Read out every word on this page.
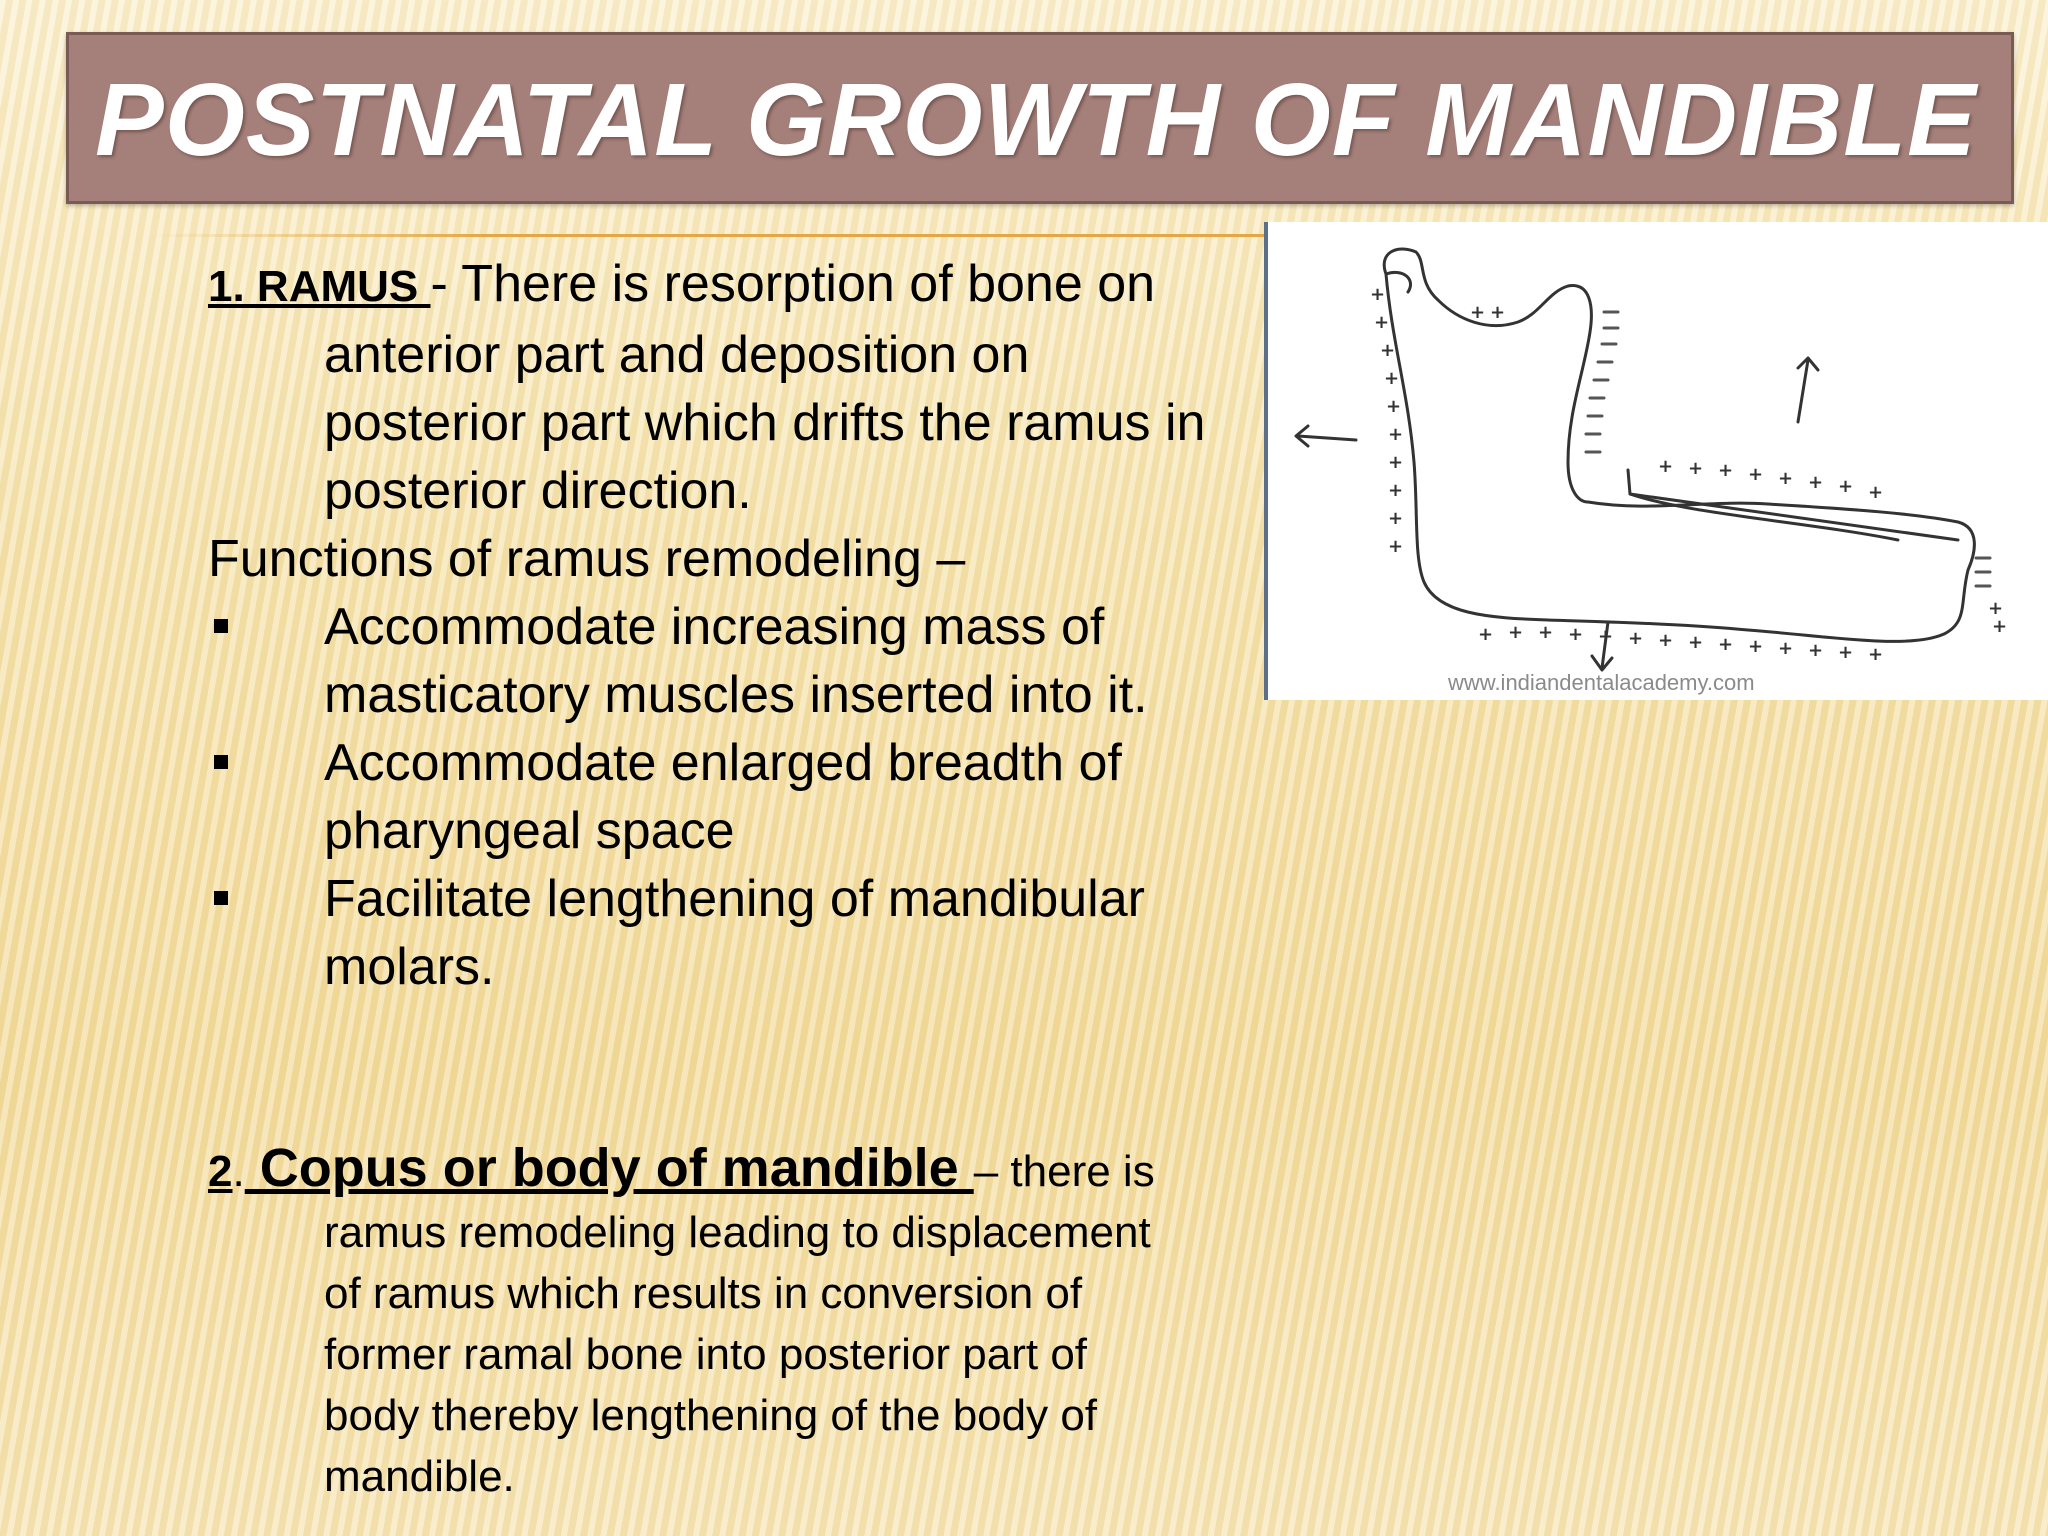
POSTNATAL GROWTH OF MANDIBLE
1. RAMUS - There is resorption of bone on
anterior part and deposition on
posterior part which drifts the ramus in
posterior direction.
Functions of ramus remodeling –
Accommodate increasing mass of
masticatory muscles inserted into it.
Accommodate enlarged breadth of
pharyngeal space
Facilitate lengthening of mandibular
molars.
2. Copus or body of mandible – there is
ramus remodeling leading to displacement
of ramus which results in conversion of
former ramal bone into posterior part of
body thereby lengthening of the body of
mandible.
+
+
+
+
+
+
+
+
+
+
+ +
+ + + + + + + +
+ + + + + + + + + + + + + +
+
+
www.indiandentalacademy.com
